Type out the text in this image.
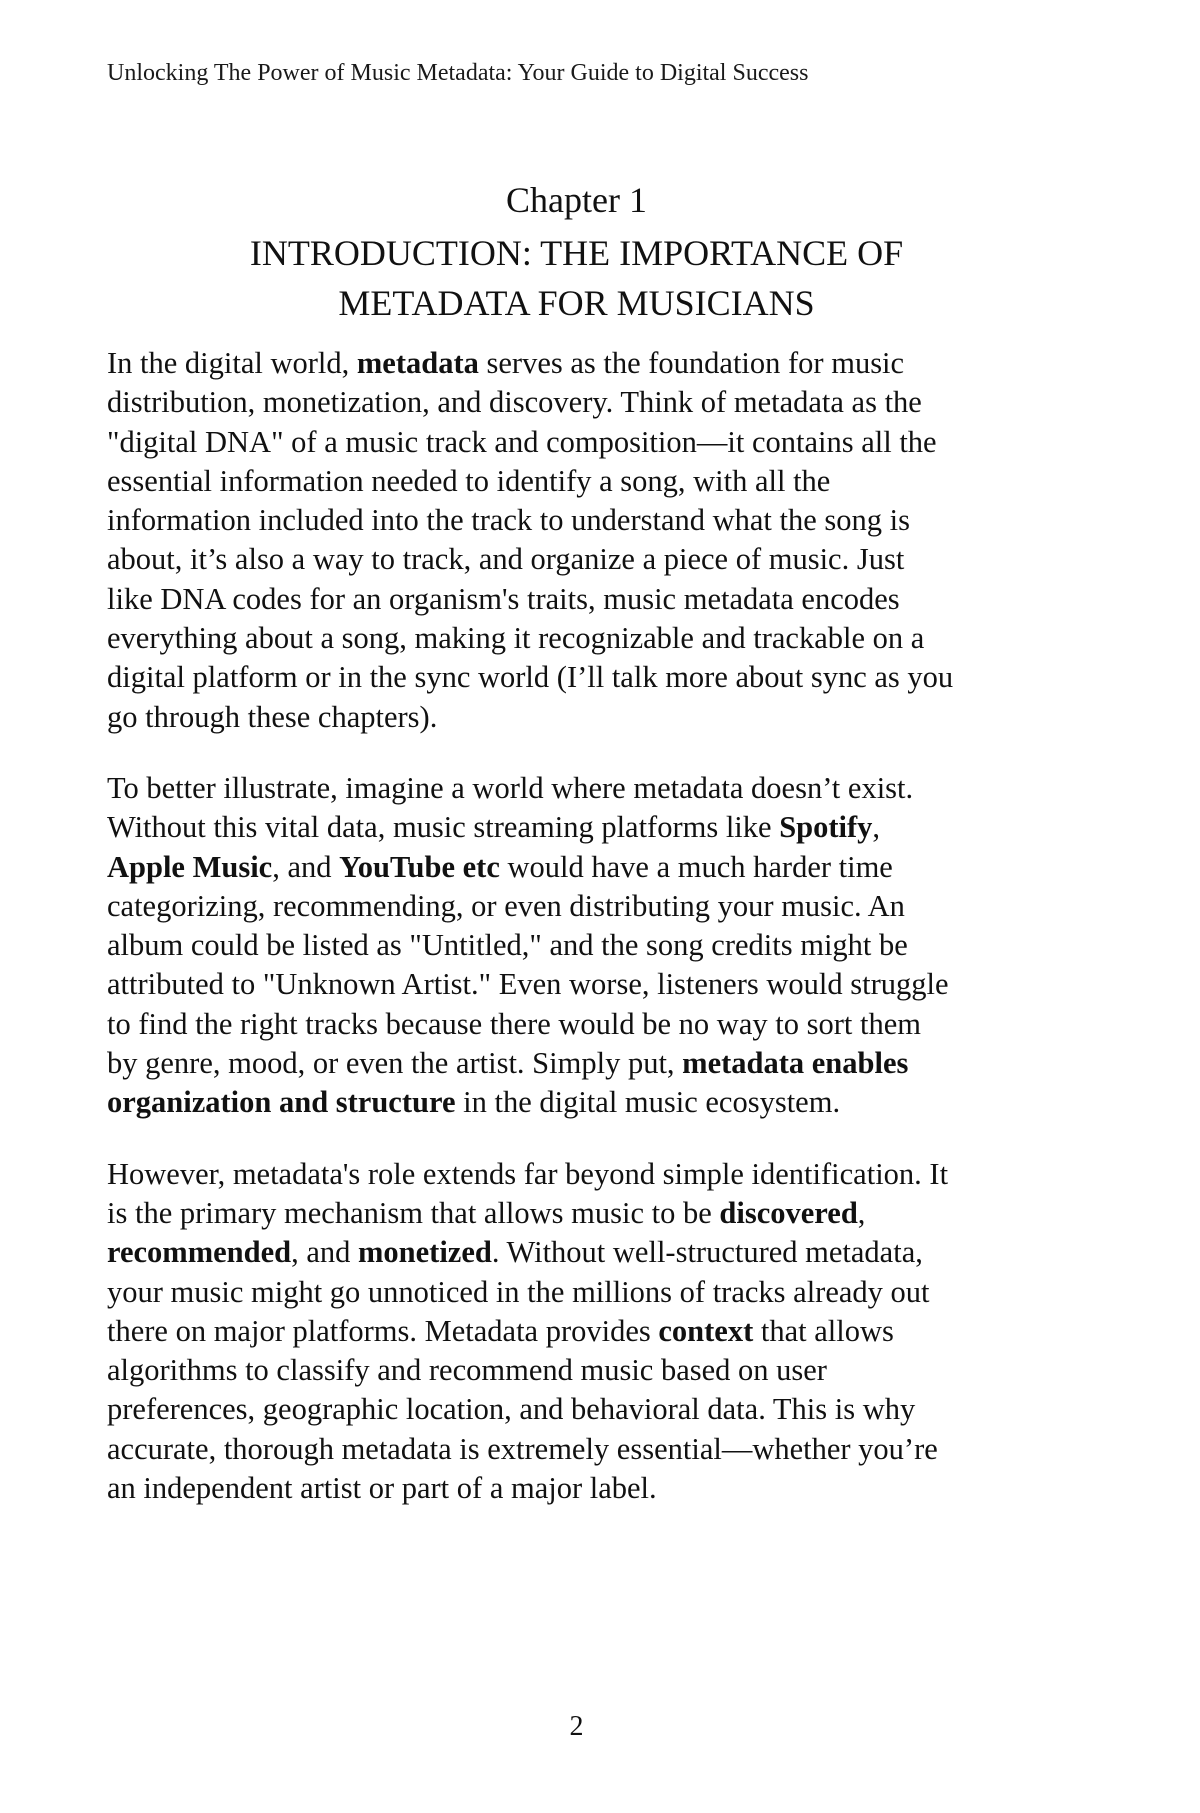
Unlocking The Power of Music Metadata: Your Guide to Digital Success
Chapter 1
INTRODUCTION: THE IMPORTANCE OF
METADATA FOR MUSICIANS

In the digital world, metadata serves as the foundation for music
distribution, monetization, and discovery. Think of metadata as the
"digital DNA" of a music track and composition—it contains all the
essential information needed to identify a song, with all the
information included into the track to understand what the song is
about, it’s also a way to track, and organize a piece of music. Just
like DNA codes for an organism's traits, music metadata encodes
everything about a song, making it recognizable and trackable on a
digital platform or in the sync world (I’ll talk more about sync as you
go through these chapters).

To better illustrate, imagine a world where metadata doesn’t exist.
Without this vital data, music streaming platforms like Spotify,
Apple Music, and YouTube etc would have a much harder time
categorizing, recommending, or even distributing your music. An
album could be listed as "Untitled," and the song credits might be
attributed to "Unknown Artist." Even worse, listeners would struggle
to find the right tracks because there would be no way to sort them
by genre, mood, or even the artist. Simply put, metadata enables
organization and structure in the digital music ecosystem.

However, metadata's role extends far beyond simple identification. It
is the primary mechanism that allows music to be discovered,
recommended, and monetized. Without well-structured metadata,
your music might go unnoticed in the millions of tracks already out
there on major platforms. Metadata provides context that allows
algorithms to classify and recommend music based on user
preferences, geographic location, and behavioral data. This is why
accurate, thorough metadata is extremely essential—whether you’re
an independent artist or part of a major label.

2
